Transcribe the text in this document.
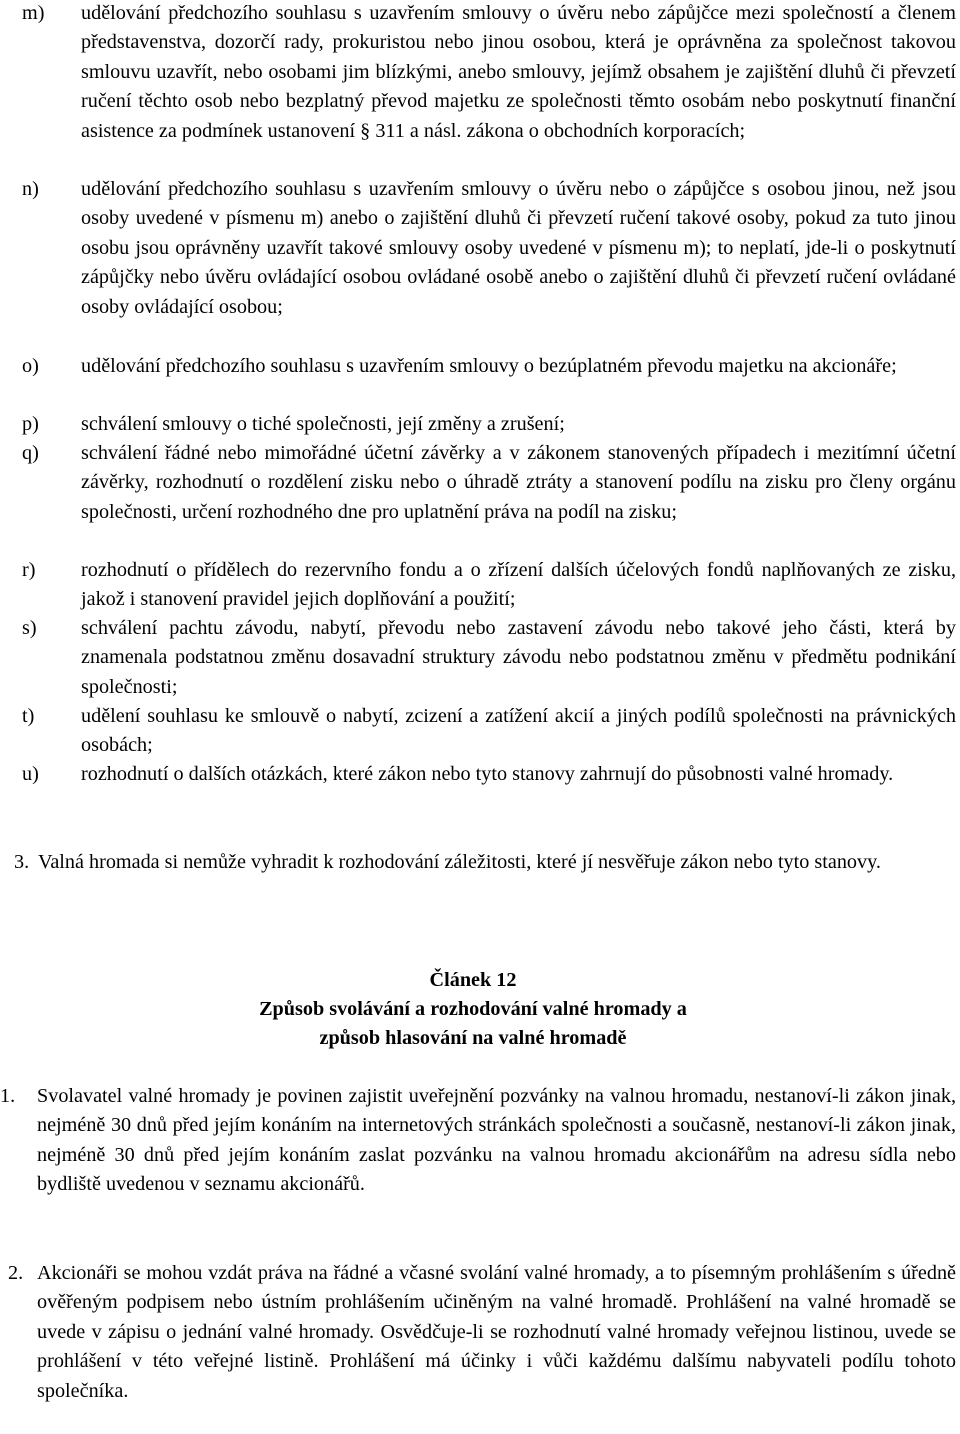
m) udělování předchozího souhlasu s uzavřením smlouvy o úvěru nebo zápůjčce mezi společností a členem představenstva, dozorčí rady, prokuristou nebo jinou osobou, která je oprávněna za společnost takovou smlouvu uzavřít, nebo osobami jim blízkými, anebo smlouvy, jejímž obsahem je zajištění dluhů či převzetí ručení těchto osob nebo bezplatný převod majetku ze společnosti těmto osobám nebo poskytnutí finanční asistence za podmínek ustanovení § 311 a násl. zákona o obchodních korporacích;
n) udělování předchozího souhlasu s uzavřením smlouvy o úvěru nebo o zápůjčce s osobou jinou, než jsou osoby uvedené v písmenu m) anebo o zajištění dluhů či převzetí ručení takové osoby, pokud za tuto jinou osobu jsou oprávněny uzavřít takové smlouvy osoby uvedené v písmenu m); to neplatí, jde-li o poskytnutí zápůjčky nebo úvěru ovládající osobou ovládané osobě anebo o zajištění dluhů či převzetí ručení ovládané osoby ovládající osobou;
o) udělování předchozího souhlasu s uzavřením smlouvy o bezúplatném převodu majetku na akcionáře;
p) schválení smlouvy o tiché společnosti, její změny a zrušení;
q) schválení řádné nebo mimořádné účetní závěrky a v zákonem stanovených případech i mezitímní účetní závěrky, rozhodnutí o rozdělení zisku nebo o úhradě ztráty a stanovení podílu na zisku pro členy orgánu společnosti, určení rozhodného dne pro uplatnění práva na podíl na zisku;
r) rozhodnutí o přídělech do rezervního fondu a o zřízení dalších účelových fondů naplňovaných ze zisku, jakož i stanovení pravidel jejich doplňování a použití;
s) schválení pachtu závodu, nabytí, převodu nebo zastavení závodu nebo takové jeho části, která by znamenala podstatnou změnu dosavadní struktury závodu nebo podstatnou změnu v předmětu podnikání společnosti;
t) udělení souhlasu ke smlouvě o nabytí, zcizení a zatížení akcií a jiných podílů společnosti na právnických osobách;
u) rozhodnutí o dalších otázkách, které zákon nebo tyto stanovy zahrnují do působnosti valné hromady.
3. Valná hromada si nemůže vyhradit k rozhodování záležitosti, které jí nesvěřuje zákon nebo tyto stanovy.
Článek 12
Způsob svolávání a rozhodování valné hromady a
způsob hlasování na valné hromadě
1. Svolavatel valné hromady je povinen zajistit uveřejnění pozvánky na valnou hromadu, nestanoví-li zákon jinak, nejméně 30 dnů před jejím konáním na internetových stránkách společnosti a současně, nestanoví-li zákon jinak, nejméně 30 dnů před jejím konáním zaslat pozvánku na valnou hromadu akcionářům na adresu sídla nebo bydliště uvedenou v seznamu akcionářů.
2. Akcionáři se mohou vzdát práva na řádné a včasné svolání valné hromady, a to písemným prohlášením s úředně ověřeným podpisem nebo ústním prohlášením učiněným na valné hromadě. Prohlášení na valné hromadě se uvede v zápisu o jednání valné hromady. Osvědčuje-li se rozhodnutí valné hromady veřejnou listinou, uvede se prohlášení v této veřejné listině. Prohlášení má účinky i vůči každému dalšímu nabyvateli podílu tohoto společníka.
